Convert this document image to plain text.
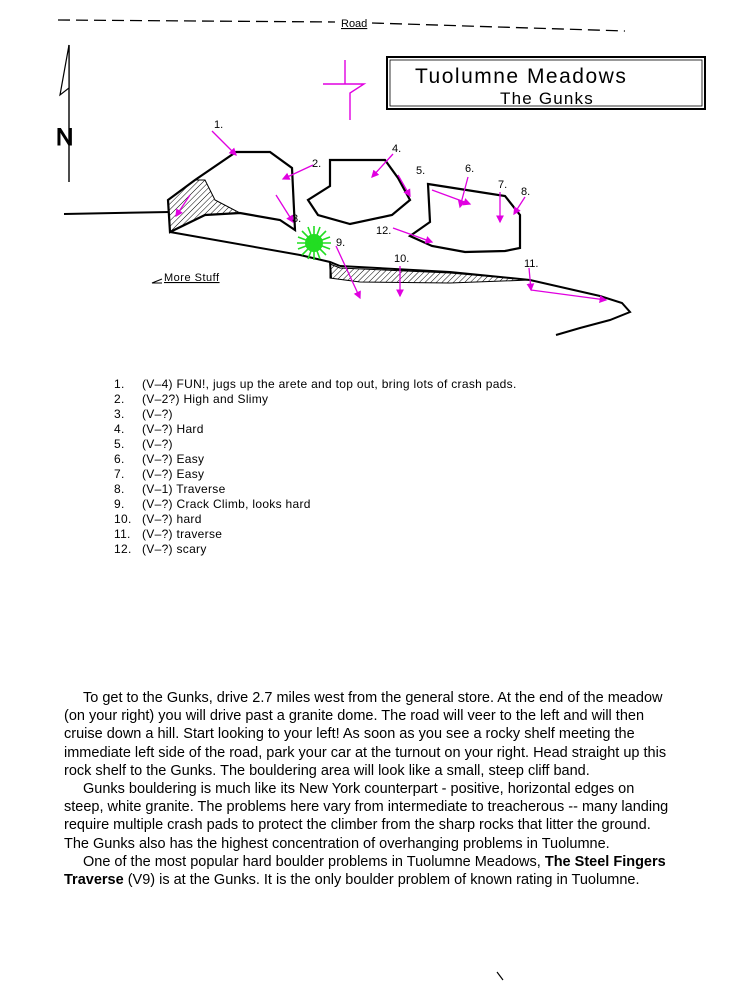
Road
N
Tuolumne Meadows
The Gunks
1.
2.
3.
4.
5.	6.
7.
8.
9.
10.	11.
12.
More Stuff
1.	(V–4) FUN!, jugs up the arete and top out, bring lots of crash pads.
2.	(V–2?) High and Slimy
3.	(V–?)
4.	(V–?) Hard
5.	(V–?)
6.	(V–?) Easy
7.	(V–?) Easy
8.	(V–1) Traverse
9.	(V–?) Crack Climb, looks hard
10. (V–?) hard
11. (V–?) traverse
12. (V–?) scary

To get to the Gunks, drive 2.7 miles west from the general store. At the end of the meadow (on your right) you will drive past a granite dome. The road will veer to the left and will then cruise down a hill. Start looking to your left! As soon as you see a rocky shelf meeting the immediate left side of the road, park your car at the turnout on your right. Head straight up this rock shelf to the Gunks. The bouldering area will look like a small, steep cliff band.

Gunks bouldering is much like its New York counterpart - positive, horizontal edges on steep, white granite. The problems here vary from intermediate to treacherous -- many landing require multiple crash pads to protect the climber from the sharp rocks that litter the ground. The Gunks also has the highest concentration of overhanging problems in Tuolumne.

One of the most popular hard boulder problems in Tuolumne Meadows, The Steel Fingers Traverse (V9) is at the Gunks. It is the only boulder problem of known rating in Tuolumne.
